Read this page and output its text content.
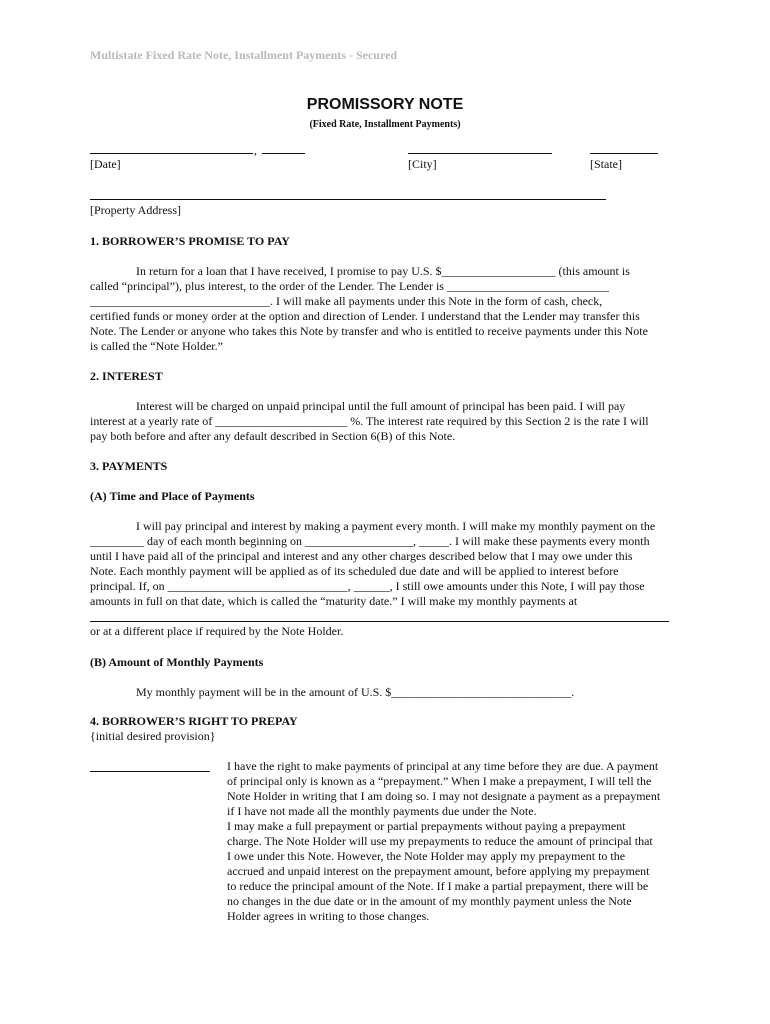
Multistate Fixed Rate Note, Installment Payments - Secured
PROMISSORY NOTE
(Fixed Rate, Installment Payments)
,
[Date]	[City]	[State]
[Property Address]
1. BORROWER’S PROMISE TO PAY
In return for a loan that I have received, I promise to pay U.S. $___________________ (this amount is
called “principal”), plus interest, to the order of the Lender. The Lender is ___________________________
______________________________. I will make all payments under this Note in the form of cash, check,
certified funds or money order at the option and direction of Lender. I understand that the Lender may transfer this
Note. The Lender or anyone who takes this Note by transfer and who is entitled to receive payments under this Note
is called the “Note Holder.”
2. INTEREST
Interest will be charged on unpaid principal until the full amount of principal has been paid. I will pay
interest at a yearly rate of ______________________ %. The interest rate required by this Section 2 is the rate I will
pay both before and after any default described in Section 6(B) of this Note.
3. PAYMENTS
(A) Time and Place of Payments
I will pay principal and interest by making a payment every month. I will make my monthly payment on the
_________ day of each month beginning on __________________, _____. I will make these payments every month
until I have paid all of the principal and interest and any other charges described below that I may owe under this
Note. Each monthly payment will be applied as of its scheduled due date and will be applied to interest before
principal. If, on ______________________________, ______, I still owe amounts under this Note, I will pay those
amounts in full on that date, which is called the “maturity date.” I will make my monthly payments at
or at a different place if required by the Note Holder.
(B) Amount of Monthly Payments
My monthly payment will be in the amount of U.S. $______________________________.
4. BORROWER’S RIGHT TO PREPAY
{initial desired provision}
I have the right to make payments of principal at any time before they are due. A payment
of principal only is known as a “prepayment.” When I make a prepayment, I will tell the
Note Holder in writing that I am doing so. I may not designate a payment as a prepayment
if I have not made all the monthly payments due under the Note.
I may make a full prepayment or partial prepayments without paying a prepayment
charge. The Note Holder will use my prepayments to reduce the amount of principal that
I owe under this Note. However, the Note Holder may apply my prepayment to the
accrued and unpaid interest on the prepayment amount, before applying my prepayment
to reduce the principal amount of the Note. If I make a partial prepayment, there will be
no changes in the due date or in the amount of my monthly payment unless the Note
Holder agrees in writing to those changes.
